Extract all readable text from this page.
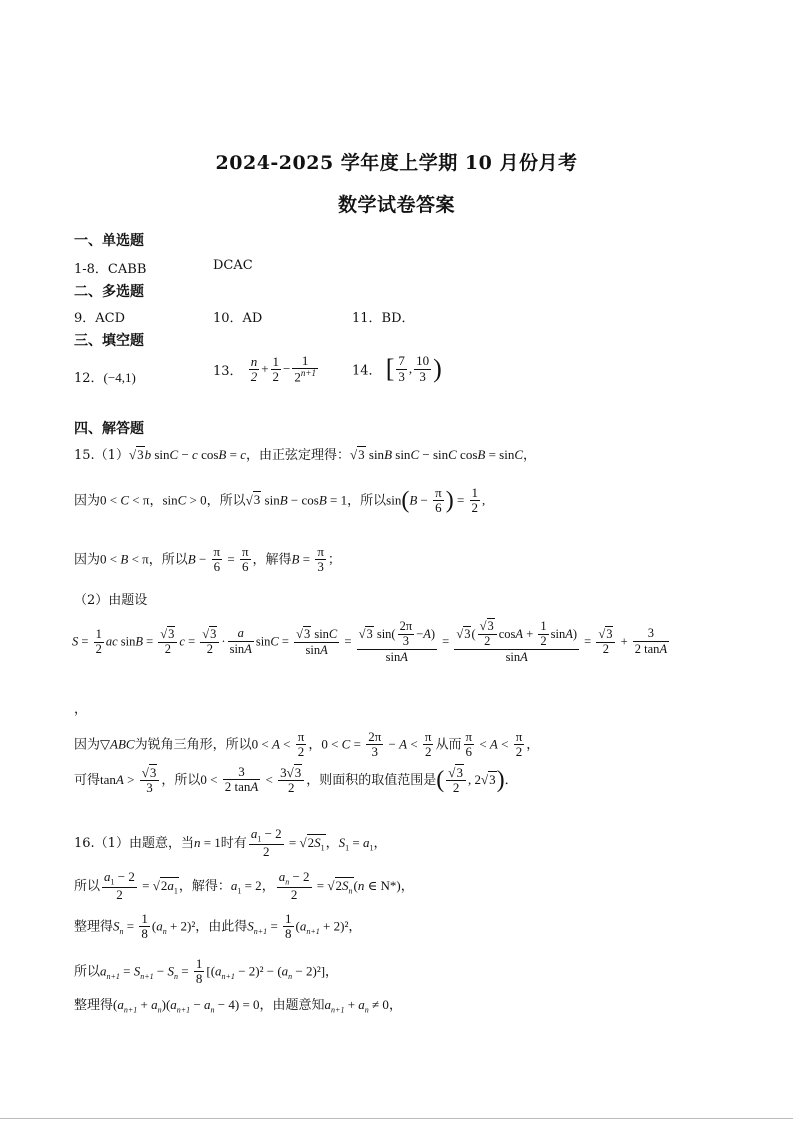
2024-2025 学年度上学期 10 月份月考
数学试卷答案
一、单选题
1-8．CABB	DCAC
二、多选题
9．ACD	10．AD	11．BD．
三、填空题
12．(−4,1)	13． $\frac{n}{2} + \frac{1}{2} - \frac{1}{2^{n+1}}$	14． [ $\frac{7}{3}$ , $\frac{10}{3}$ )
四、解答题
15.（1）√3b sinC − c cosB = c，由正弦定理得：√3 sinB sinC − sinC cosB = sinC，
因为0 < C < π，sinC > 0，所以√3 sinB − cosB = 1，所以$\sin(B - \frac{\pi}{6}$ ) = $\frac{1}{2}$ ,
因为0 < B < π，所以$B - \frac{\pi}{6} = \frac{\pi}{6}$ ，解得$B = \frac{\pi}{3}$ ；
（2）由题设
$S = \frac{1}{2}$ ac $\sin B = \frac{√3}{2}$ $c = \frac{√3}{2} \cdot \frac{a}{\sin A}$ $\sin C = \frac{√3 \sin C}{\sin A} = \frac{√3 \sin( \frac{2\pi}{3} -A)}{\sin A} = \frac{√3( \frac{√3}{2} \cos A + \frac{1}{2} \sin A)}{\sin A} = \frac{√3}{2} + \frac{3}{2 \tan A}$
，
因为▽ABC为锐角三角形，所以$0 < A < \frac{\pi}{2}$ ，$0 < C = \frac{2\pi}{3} - A < \frac{\pi}{2}$ 从而 $\frac{\pi}{6} < A < \frac{\pi}{2}$ ，
可得$\tan A > \frac{√3}{3}$ ，所以$0 < \frac{3}{2 \tan A} < \frac{3√3}{2}$ ，则面积的取值范围是( $\frac{√3}{2}$ , 2√3)．
16.（1）由题意，当n = 1时有 $\frac{a_1 - 2}{2} = √2S_1$，$S_1 = a_1$，
所以 $\frac{a_1 - 2}{2} = √2a_1$，解得：$a_1 = 2$， $\frac{a_n - 2}{2} = √2S_n(n$ ∈ N*)，
整理得$S_n = \frac{1}{8} (a_n + 2)^2$，由此得$S_{n+1} = \frac{1}{8} (a_{n+1} + 2)^2$，
所以$a_{n+1} = S_{n+1} - S_n = \frac{1}{8} [(a_{n+1} - 2)^2 - (a_n - 2)^2]$，
整理得$(a_{n+1} + a_n)(a_{n+1} - a_n - 4) = 0$，由题意知$a_{n+1} + a_n \ne 0$，
